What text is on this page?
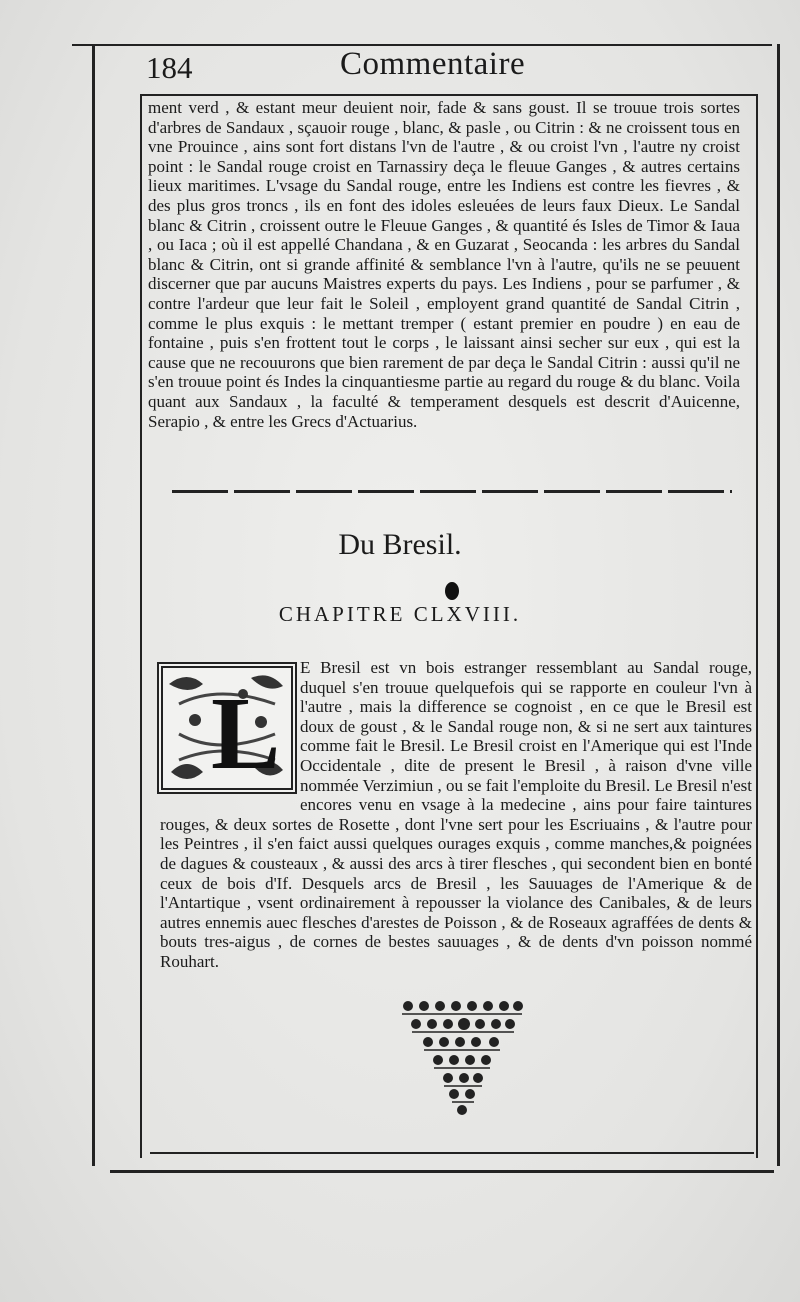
184	Commentaire

ment verd , & estant meur deuient noir, fade & sans goust. Il se trouue trois sortes d'arbres de Sandaux , sçauoir rouge , blanc, & pasle , ou Citrin : & ne croissent tous en vne Prouince , ains sont fort distans l'vn de l'autre , & ou croist l'vn , l'autre ny croist point : le Sandal rouge croist en Tarnassiry deça le fleuue Ganges , & autres certains lieux maritimes. L'vsage du Sandal rouge, entre les Indiens est contre les fievres , & des plus gros troncs , ils en font des idoles esleuées de leurs faux Dieux. Le Sandal blanc & Citrin , croissent outre le Fleuue Ganges , & quantité és Isles de Timor & Iaua , ou Iaca ; où il est appellé Chandana , & en Guzarat , Seocanda : les arbres du Sandal blanc & Citrin, ont si grande affinité & semblance l'vn à l'autre, qu'ils ne se peuuent discerner que par aucuns Maistres experts du pays. Les Indiens , pour se parfumer , & contre l'ardeur que leur fait le Soleil , employent grand quantité de Sandal Citrin , comme le plus exquis : le mettant tremper ( estant premier en poudre ) en eau de fontaine , puis s'en frottent tout le corps , le laissant ainsi secher sur eux , qui est la cause que ne recouurons que bien rarement de par deça le Sandal Citrin : aussi qu'il ne s'en trouue point és Indes la cinquantiesme partie au regard du rouge & du blanc. Voila quant aux Sandaux , la faculté & temperament desquels est descrit d'Auicenne, Serapio , & entre les Grecs d'Actuarius.

Du Bresil.
CHAPITRE CLXVIII.
L
E Bresil est vn bois estranger ressemblant au Sandal rouge, duquel s'en trouue quelquefois qui se rapporte en couleur l'vn à l'autre , mais la difference se cognoist , en ce que le Bresil est doux de goust , & le Sandal rouge non, & si ne sert aux taintures comme fait le Bresil. Le Bresil croist en l'Amerique qui est l'Inde Occidentale , dite de present le Bresil , à raison d'vne ville nommée Verzimiun , ou se fait l'emploite du Bresil. Le Bresil n'est encores venu en vsage à la medecine , ains pour faire taintures rouges, & deux sortes de Rosette , dont l'vne sert pour les Escriuains , & l'autre pour les Peintres , il s'en faict aussi quelques ourages exquis , comme manches,& poignées de dagues & cousteaux , & aussi des arcs à tirer flesches , qui secondent bien en bonté ceux de bois d'If. Desquels arcs de Bresil , les Sauuages de l'Amerique & de l'Antartique , vsent ordinairement à repousser la violance des Canibales, & de leurs autres ennemis auec flesches d'arestes de Poisson , & de Roseaux agraffées de dents & bouts tres-aigus , de cornes de bestes sauuages , & de dents d'vn poisson nommé Rouhart.
